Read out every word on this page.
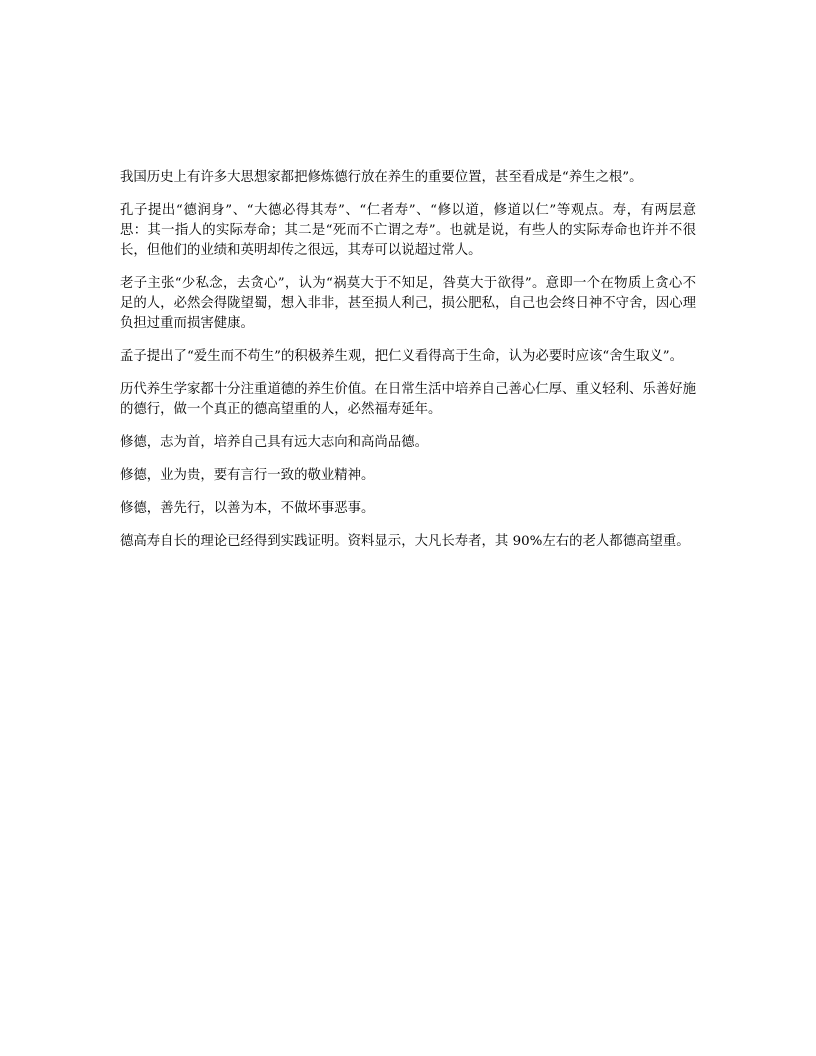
我国历史上有许多大思想家都把修炼德行放在养生的重要位置，甚至看成是“养生之根”。

孔子提出“德润身”、“大德必得其寿”、“仁者寿”、“修以道，修道以仁”等观点。寿，有两层意思：其一指人的实际寿命；其二是“死而不亡谓之寿”。也就是说，有些人的实际寿命也许并不很长，但他们的业绩和英明却传之很远，其寿可以说超过常人。

老子主张“少私念，去贪心”，认为“祸莫大于不知足，咎莫大于欲得”。意即一个在物质上贪心不足的人，必然会得陇望蜀，想入非非，甚至损人利己，损公肥私，自己也会终日神不守舍，因心理负担过重而损害健康。

孟子提出了“爱生而不苟生”的积极养生观，把仁义看得高于生命，认为必要时应该“舍生取义”。

历代养生学家都十分注重道德的养生价值。在日常生活中培养自己善心仁厚、重义轻利、乐善好施的德行，做一个真正的德高望重的人，必然福寿延年。

修德，志为首，培养自己具有远大志向和高尚品德。

修德，业为贵，要有言行一致的敬业精神。

修德，善先行，以善为本，不做坏事恶事。

德高寿自长的理论已经得到实践证明。资料显示，大凡长寿者，其 90%左右的老人都德高望重。
